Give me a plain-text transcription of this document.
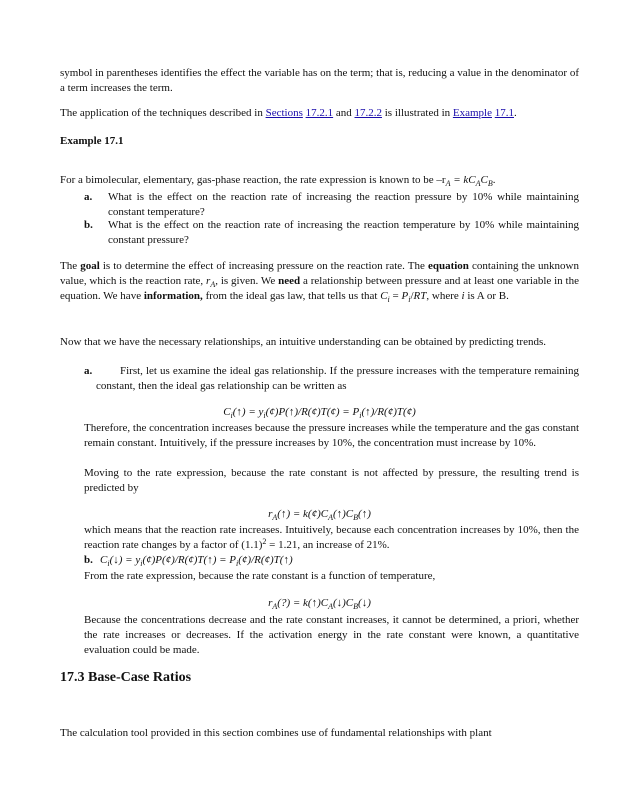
symbol in parentheses identifies the effect the variable has on the term; that is, reducing a value in the denominator of a term increases the term.

The application of the techniques described in Sections 17.2.1 and 17.2.2 is illustrated in Example 17.1.

Example 17.1
For a bimolecular, elementary, gas-phase reaction, the rate expression is known to be $-r_A = kC_AC_B$.
a. What is the effect on the reaction rate of increasing the reaction pressure by 10% while maintaining constant temperature?
b. What is the effect on the reaction rate of increasing the reaction temperature by 10% while maintaining constant pressure?

The goal is to determine the effect of increasing pressure on the reaction rate. The equation containing the unknown value, which is the reaction rate, $r_A$, is given. We need a relationship between pressure and at least one variable in the equation. We have information, from the ideal gas law, that tells us that $C_i = P_i/RT$, where i is A or B.

Now that we have the necessary relationships, an intuitive understanding can be obtained by predicting trends.

a.	First, let us examine the ideal gas relationship. If the pressure increases with the temperature remaining constant, then the ideal gas relationship can be written as
$C_i(↑)$ = $y_i(¢)P(↑)/R(¢)T(¢)$ = $P_i(↑)/R(¢)T(¢)$
Therefore, the concentration increases because the pressure increases while the temperature and the gas constant remain constant. Intuitively, if the pressure increases by 10%, the concentration must increase by 10%.
Moving to the rate expression, because the rate constant is not affected by pressure, the resulting trend is predicted by
$r_A(↑)$ = $k(¢)C_A(↑)C_B(↑)$
which means that the reaction rate increases. Intuitively, because each concentration increases by 10%, then the reaction rate changes by a factor of $(1.1)^2 = 1.21$, an increase of 21%.
b. $C_i(↓)$ = $y_i(¢)P(¢)/R(¢)T(↑)$ = $P_i(¢)/R(¢)T(↑)$
From the rate expression, because the rate constant is a function of temperature,
$r_A(?)$ = $k(↑)C_A(↓)C_B(↓)$
Because the concentrations decrease and the rate constant increases, it cannot be determined, a priori, whether the rate increases or decreases. If the activation energy in the rate constant were known, a quantitative evaluation could be made.
17.3 Base-Case Ratios

The calculation tool provided in this section combines use of fundamental relationships with plant
